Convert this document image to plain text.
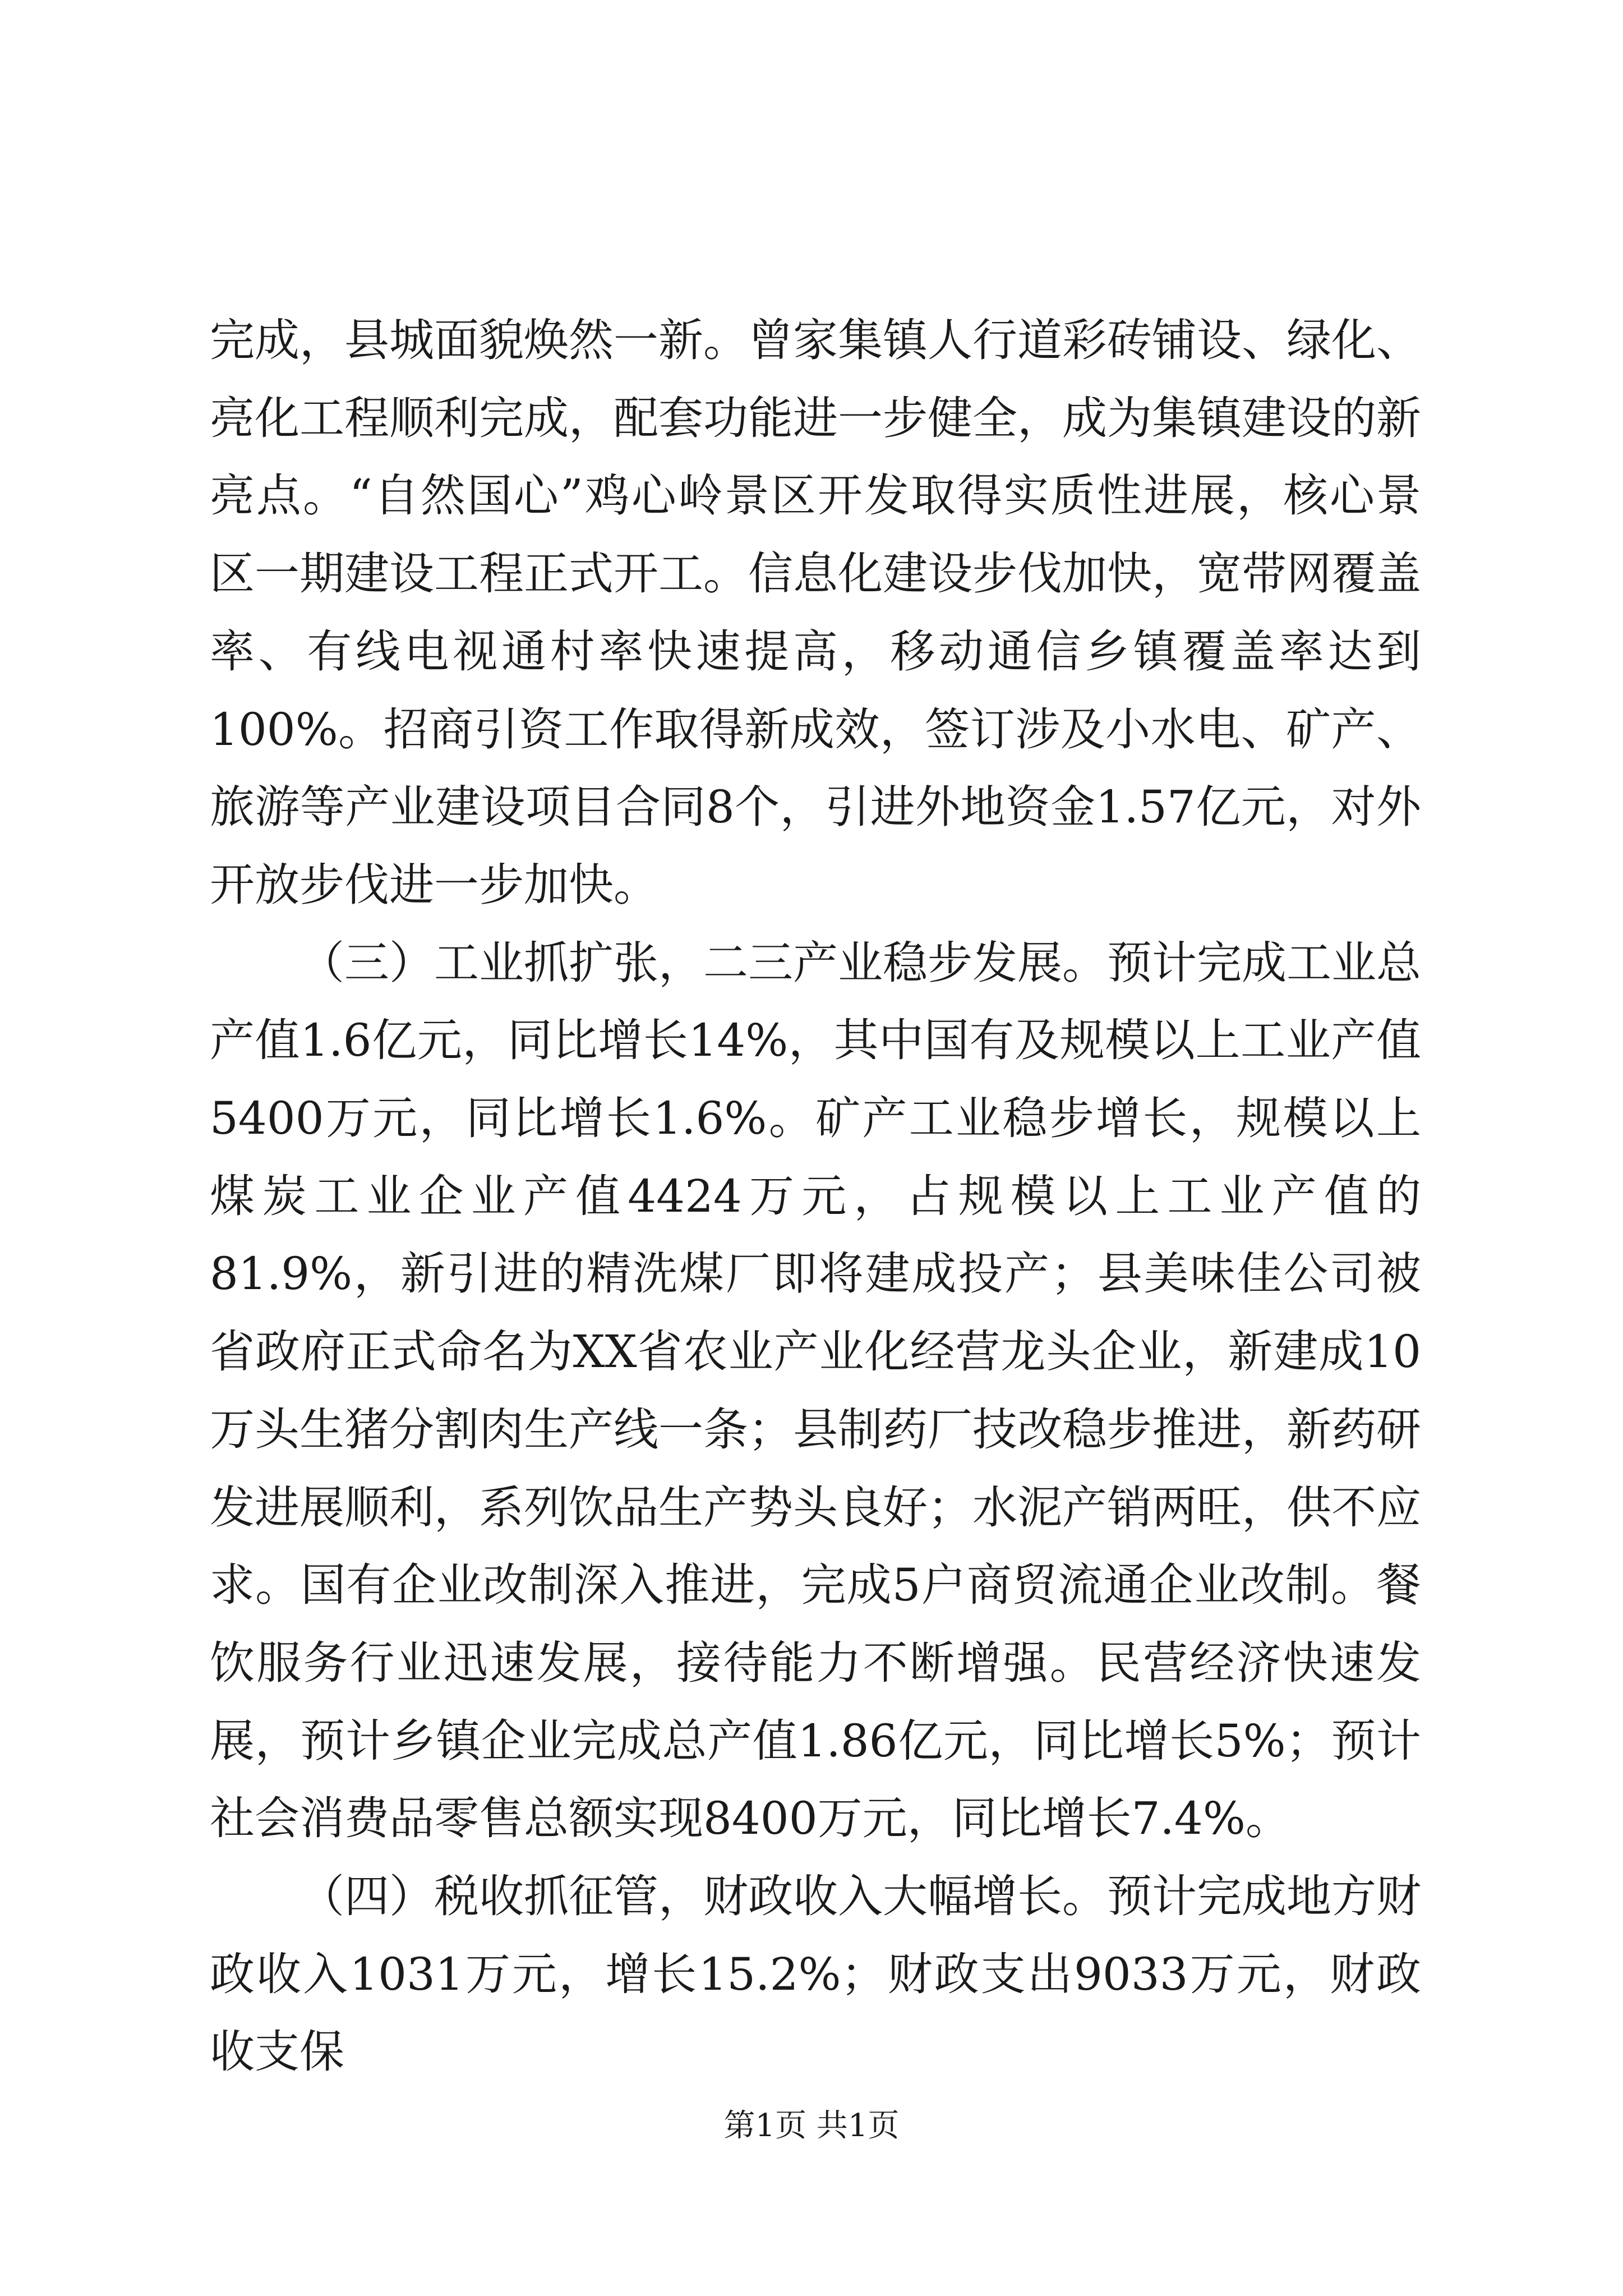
完成，县城面貌焕然一新。曾家集镇人行道彩砖铺设、绿化、亮化工程顺利完成，配套功能进一步健全，成为集镇建设的新亮点。“自然国心”鸡心岭景区开发取得实质性进展，核心景区一期建设工程正式开工。信息化建设步伐加快，宽带网覆盖率、有线电视通村率快速提高，移动通信乡镇覆盖率达到100%。招商引资工作取得新成效，签订涉及小水电、矿产、旅游等产业建设项目合同8个，引进外地资金1.57亿元，对外开放步伐进一步加快。

（三）工业抓扩张，二三产业稳步发展。预计完成工业总产值1.6亿元，同比增长14%，其中国有及规模以上工业产值5400万元，同比增长1.6%。矿产工业稳步增长，规模以上煤炭工业企业产值4424万元，占规模以上工业产值的81.9%，新引进的精洗煤厂即将建成投产；县美味佳公司被省政府正式命名为XX省农业产业化经营龙头企业，新建成10万头生猪分割肉生产线一条；县制药厂技改稳步推进，新药研发进展顺利，系列饮品生产势头良好；水泥产销两旺，供不应求。国有企业改制深入推进，完成5户商贸流通企业改制。餐饮服务行业迅速发展，接待能力不断增强。民营经济快速发展，预计乡镇企业完成总产值1.86亿元，同比增长5%；预计社会消费品零售总额实现8400万元，同比增长7.4%。

（四）税收抓征管，财政收入大幅增长。预计完成地方财政收入1031万元，增长15.2%；财政支出9033万元，财政收支保

第1页 共1页
